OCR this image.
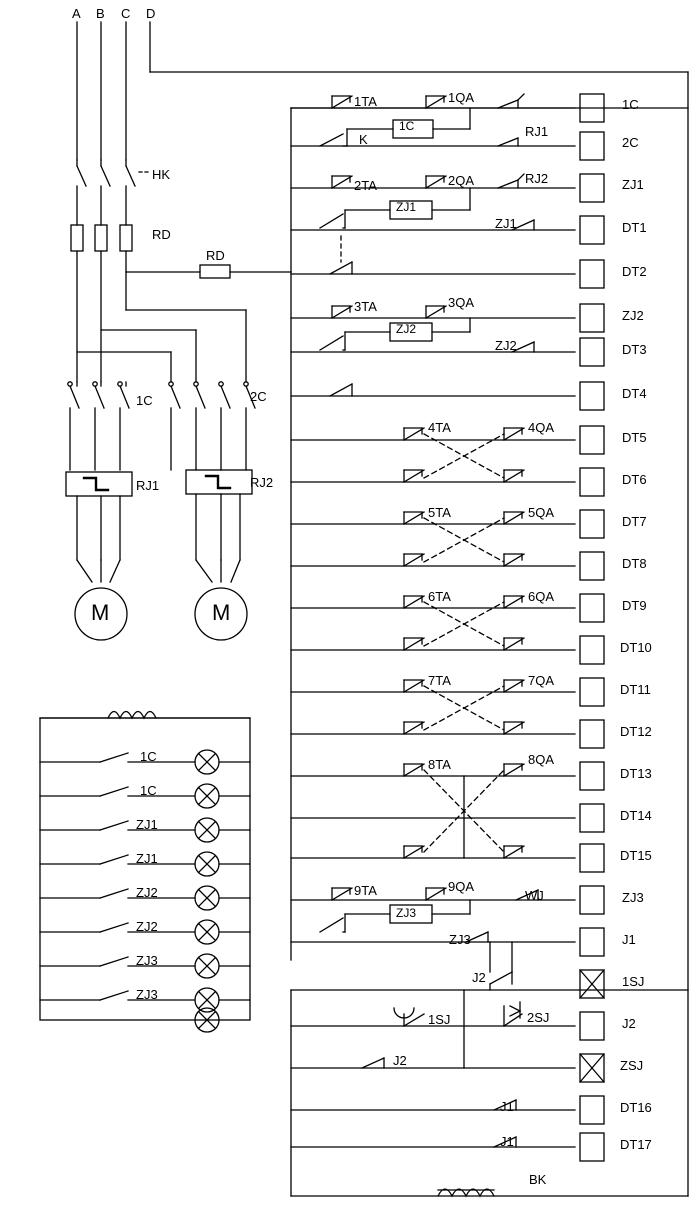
A B C D
HK
RD
RD
1C	2C
RJ1	RJ2
M	M
1TA	1QA
1C
K
RJ1
2TA	2QA	RJ2
ZJ1
ZJ1
3TA	3QA
ZJ2
ZJ2
4TA	4QA
5TA	5QA
6TA	6QA
7TA	7QA
8TA	8QA
9TA	9QA
WJ
ZJ3
ZJ3
J2
1SJ	2SJ
J2
J1
J1
BK
1C
1C
ZJ1
ZJ1
ZJ2
ZJ2
ZJ3
ZJ3
1C
2C
ZJ1
DT1
DT2
ZJ2
DT3
DT4
DT5
DT6
DT7
DT8
DT9
DT10
DT11
DT12
DT13
DT14
DT15
ZJ3
J1
1SJ
J2
ZSJ
DT16
DT17
